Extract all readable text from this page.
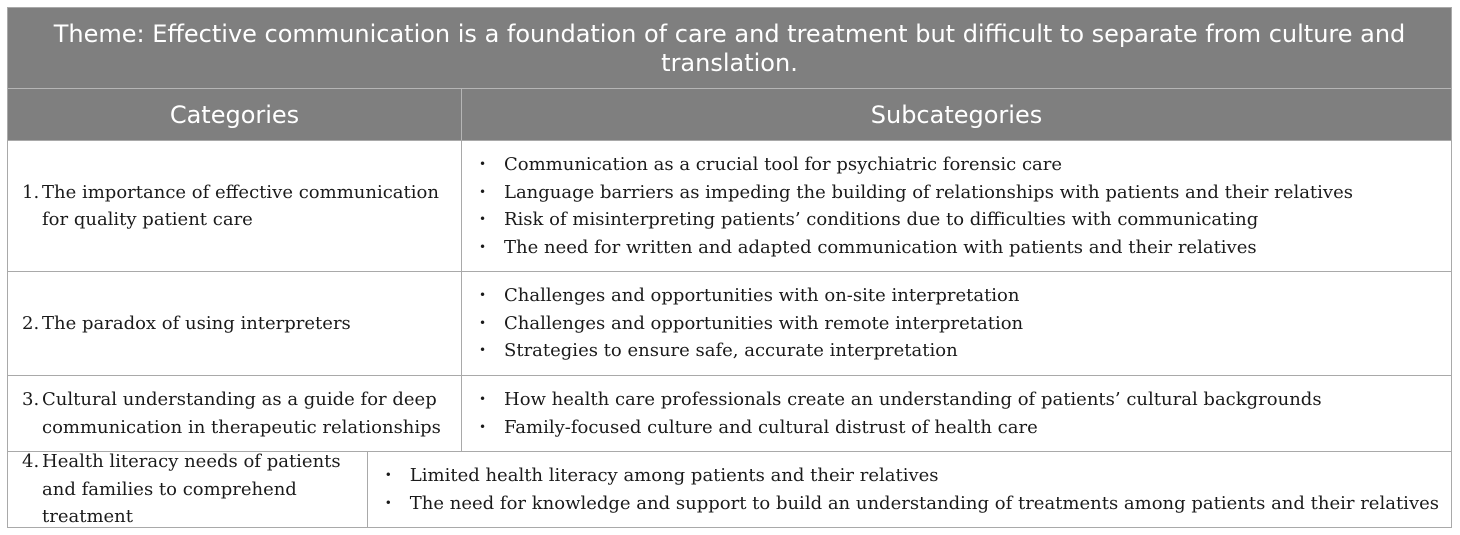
Theme: Effective communication is a foundation of care and treatment but difficult to separate from culture and translation.
Categories	Subcategories
1. The importance of effective communication for quality patient care
• Communication as a crucial tool for psychiatric forensic care
• Language barriers as impeding the building of relationships with patients and their relatives
• Risk of misinterpreting patients’ conditions due to difficulties with communicating
• The need for written and adapted communication with patients and their relatives
2. The paradox of using interpreters
• Challenges and opportunities with on-site interpretation
• Challenges and opportunities with remote interpretation
• Strategies to ensure safe, accurate interpretation
3. Cultural understanding as a guide for deep communication in therapeutic relationships
• How health care professionals create an understanding of patients’ cultural backgrounds
• Family-focused culture and cultural distrust of health care
4. Health literacy needs of patients and families to comprehend treatment
• Limited health literacy among patients and their relatives
• The need for knowledge and support to build an understanding of treatments among patients and their relatives
